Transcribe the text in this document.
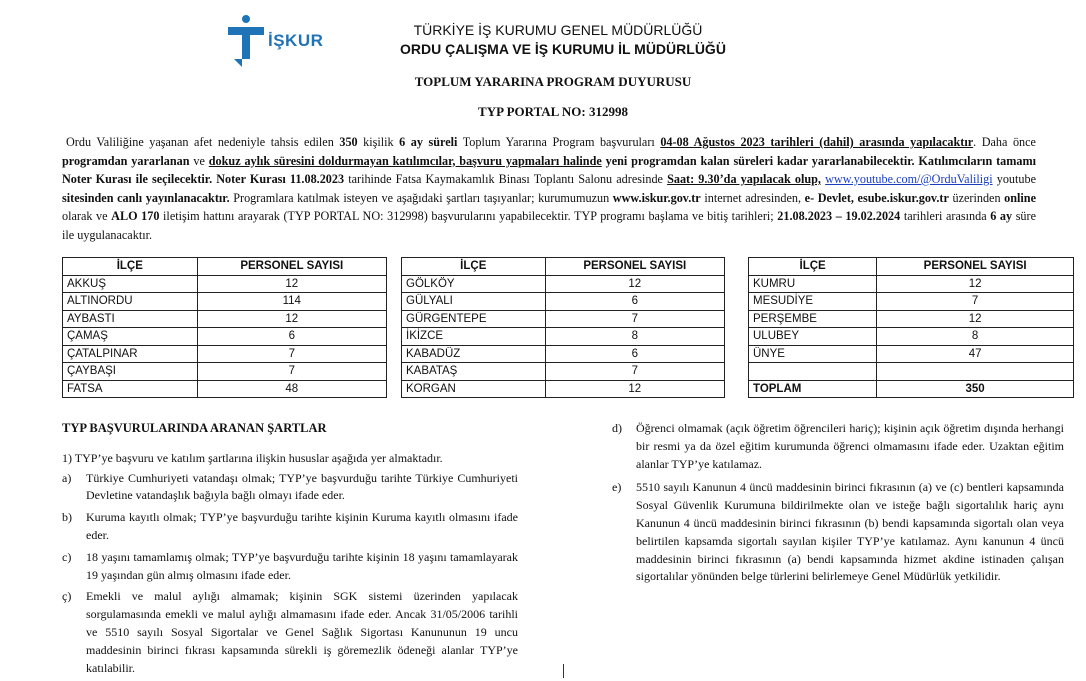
İŞKUR
TÜRKİYE İŞ KURUMU GENEL MÜDÜRLÜĞÜ
ORDU ÇALIŞMA VE İŞ KURUMU İL MÜDÜRLÜĞÜ
TOPLUM YARARINA PROGRAM DUYURUSU
TYP PORTAL NO: 312998
Ordu Valiliğine yaşanan afet nedeniyle tahsis edilen 350 kişilik 6 ay süreli Toplum Yararına Program başvuruları 04-08 Ağustos 2023 tarihleri (dahil) arasında yapılacaktır. Daha önce programdan yararlanan ve dokuz aylık süresini doldurmayan katılımcılar, başvuru yapmaları halinde yeni programdan kalan süreleri kadar yararlanabilecektir. Katılımcıların tamamı Noter Kurası ile seçilecektir. Noter Kurası 11.08.2023 tarihinde Fatsa Kaymakamlık Binası Toplantı Salonu adresinde Saat: 9.30’da yapılacak olup, www.youtube.com/@OrduValiligi youtube sitesinden canlı yayınlanacaktır. Programlara katılmak isteyen ve aşağıdaki şartları taşıyanlar; kurumumuzun www.iskur.gov.tr internet adresinden, e- Devlet, esube.iskur.gov.tr üzerinden online olarak ve ALO 170 iletişim hattını arayarak (TYP PORTAL NO: 312998) başvurularını yapabilecektir. TYP programı başlama ve bitiş tarihleri; 21.08.2023 – 19.02.2024 tarihleri arasında 6 ay süre ile uygulanacaktır.
İLÇE	PERSONEL SAYISI
AKKUŞ	12
ALTINORDU	114
AYBASTI	12
ÇAMAŞ	6
ÇATALPINAR	7
ÇAYBAŞI	7
FATSA	48
İLÇE	PERSONEL SAYISI
GÖLKÖY	12
GÜLYALI	6
GÜRGENTEPE	7
İKİZCE	8
KABADÜZ	6
KABATAŞ	7
KORGAN	12
İLÇE	PERSONEL SAYISI
KUMRU	12
MESUDİYE	7
PERŞEMBE	12
ULUBEY	8
ÜNYE	47

TOPLAM	350
TYP BAŞVURULARINDA ARANAN ŞARTLAR
1) TYP’ye başvuru ve katılım şartlarına ilişkin hususlar aşağıda yer almaktadır.
a)	Türkiye Cumhuriyeti vatandaşı olmak; TYP’ye başvurduğu tarihte Türkiye Cumhuriyeti Devletine vatandaşlık bağıyla bağlı olmayı ifade eder.
b)	Kuruma kayıtlı olmak; TYP’ye başvurduğu tarihte kişinin Kuruma kayıtlı olmasını ifade eder.
c)	18 yaşını tamamlamış olmak; TYP’ye başvurduğu tarihte kişinin 18 yaşını tamamlayarak 19 yaşından gün almış olmasını ifade eder.
ç)	Emekli ve malul aylığı almamak; kişinin SGK sistemi üzerinden yapılacak sorgulamasında emekli ve malul aylığı almamasını ifade eder. Ancak 31/05/2006 tarihli ve 5510 sayılı Sosyal Sigortalar ve Genel Sağlık Sigortası Kanununun 19 uncu maddesinin birinci fıkrası kapsamında sürekli iş göremezlik ödeneği alanlar TYP’ye katılabilir.
d)	Öğrenci olmamak (açık öğretim öğrencileri hariç); kişinin açık öğretim dışında herhangi bir resmi ya da özel eğitim kurumunda öğrenci olmamasını ifade eder. Uzaktan eğitim alanlar TYP’ye katılamaz.
e)	5510 sayılı Kanunun 4 üncü maddesinin birinci fıkrasının (a) ve (c) bentleri kapsamında Sosyal Güvenlik Kurumuna bildirilmekte olan ve isteğe bağlı sigortalılık hariç aynı Kanunun 4 üncü maddesinin birinci fıkrasının (b) bendi kapsamında sigortalı olan veya belirtilen kapsamda sigortalı sayılan kişiler TYP’ye katılamaz. Aynı kanunun 4 üncü maddesinin birinci fıkrasının (a) bendi kapsamında hizmet akdine istinaden çalışan sigortalılar yönünden belge türlerini belirlemeye Genel Müdürlük yetkilidir.
